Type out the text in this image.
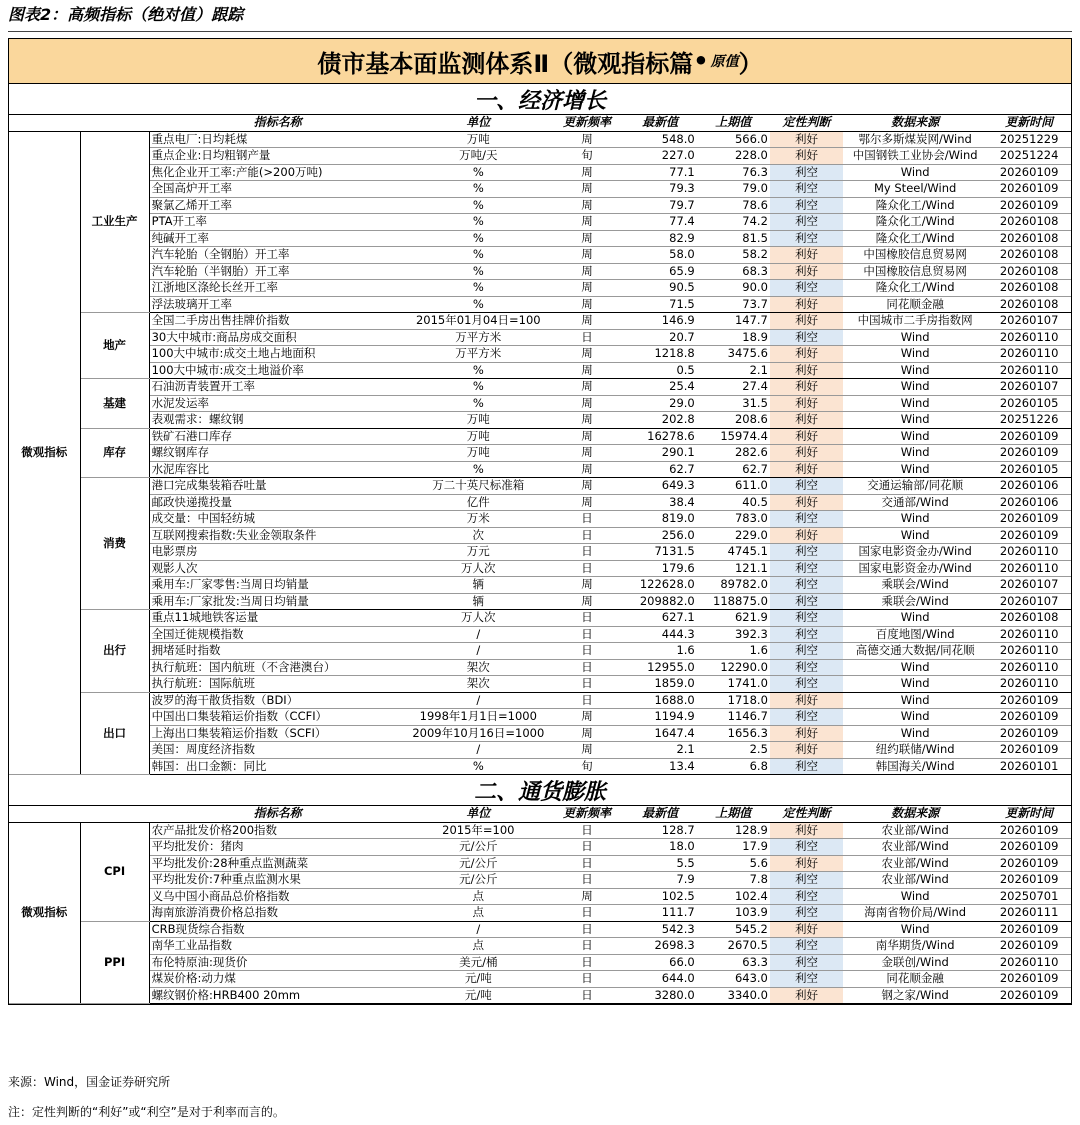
图表2：高频指标（绝对值）跟踪
债市基本面监测体系Ⅱ（微观指标篇 • 原值 ）
一、经济增长
		指标名称	单位	更新频率	最新值	上期值	定性判断	数据来源	更新时间
微观指标	工业生产	重点电厂:日均耗煤	万吨	周	548.0	566.0	利好	鄂尔多斯煤炭网/Wind	20251229
		重点企业:日均粗钢产量	万吨/天	旬	227.0	228.0	利好	中国钢铁工业协会/Wind	20251224
		焦化企业开工率:产能(>200万吨)	%	周	77.1	76.3	利空	Wind	20260109
		全国高炉开工率	%	周	79.3	79.0	利空	My Steel/Wind	20260109
		聚氯乙烯开工率	%	周	79.7	78.6	利空	隆众化工/Wind	20260109
		PTA开工率	%	周	77.4	74.2	利空	隆众化工/Wind	20260108
		纯碱开工率	%	周	82.9	81.5	利空	隆众化工/Wind	20260108
		汽车轮胎（全钢胎）开工率	%	周	58.0	58.2	利好	中国橡胶信息贸易网	20260108
		汽车轮胎（半钢胎）开工率	%	周	65.9	68.3	利好	中国橡胶信息贸易网	20260108
		江浙地区涤纶长丝开工率	%	周	90.5	90.0	利空	隆众化工/Wind	20260108
		浮法玻璃开工率	%	周	71.5	73.7	利好	同花顺金融	20260108
	地产	全国二手房出售挂牌价指数	2015年01月04日=100	周	146.9	147.7	利好	中国城市二手房指数网	20260107
		30大中城市:商品房成交面积	万平方米	日	20.7	18.9	利空	Wind	20260110
		100大中城市:成交土地占地面积	万平方米	周	1218.8	3475.6	利好	Wind	20260110
		100大中城市:成交土地溢价率	%	周	0.5	2.1	利好	Wind	20260110
	基建	石油沥青装置开工率	%	周	25.4	27.4	利好	Wind	20260107
		水泥发运率	%	周	29.0	31.5	利好	Wind	20260105
		表观需求：螺纹钢	万吨	周	202.8	208.6	利好	Wind	20251226
	库存	铁矿石港口库存	万吨	周	16278.6	15974.4	利好	Wind	20260109
		螺纹钢库存	万吨	周	290.1	282.6	利好	Wind	20260109
		水泥库容比	%	周	62.7	62.7	利好	Wind	20260105
	消费	港口完成集装箱吞吐量	万二十英尺标准箱	周	649.3	611.0	利空	交通运输部/同花顺	20260106
		邮政快递揽投量	亿件	周	38.4	40.5	利好	交通部/Wind	20260106
		成交量：中国轻纺城	万米	日	819.0	783.0	利空	Wind	20260109
		互联网搜索指数:失业金领取条件	次	日	256.0	229.0	利好	Wind	20260109
		电影票房	万元	日	7131.5	4745.1	利空	国家电影资金办/Wind	20260110
		观影人次	万人次	日	179.6	121.1	利空	国家电影资金办/Wind	20260110
		乘用车:厂家零售:当周日均销量	辆	周	122628.0	89782.0	利空	乘联会/Wind	20260107
		乘用车:厂家批发:当周日均销量	辆	周	209882.0	118875.0	利空	乘联会/Wind	20260107
	出行	重点11城地铁客运量	万人次	日	627.1	621.9	利空	Wind	20260108
		全国迁徙规模指数	/	日	444.3	392.3	利空	百度地图/Wind	20260110
		拥堵延时指数	/	日	1.6	1.6	利空	高德交通大数据/同花顺	20260110
		执行航班：国内航班（不含港澳台）	架次	日	12955.0	12290.0	利空	Wind	20260110
		执行航班：国际航班	架次	日	1859.0	1741.0	利空	Wind	20260110
	出口	波罗的海干散货指数（BDI）	/	日	1688.0	1718.0	利好	Wind	20260109
		中国出口集装箱运价指数（CCFI）	1998年1月1日=1000	周	1194.9	1146.7	利空	Wind	20260109
		上海出口集装箱运价指数（SCFI）	2009年10月16日=1000	周	1647.4	1656.3	利好	Wind	20260109
		美国：周度经济指数	/	周	2.1	2.5	利好	纽约联储/Wind	20260109
		韩国：出口金额：同比	%	旬	13.4	6.8	利空	韩国海关/Wind	20260101
二、通货膨胀
		指标名称	单位	更新频率	最新值	上期值	定性判断	数据来源	更新时间
微观指标	CPI	农产品批发价格200指数	2015年=100	日	128.7	128.9	利好	农业部/Wind	20260109
		平均批发价：猪肉	元/公斤	日	18.0	17.9	利空	农业部/Wind	20260109
		平均批发价:28种重点监测蔬菜	元/公斤	日	5.5	5.6	利好	农业部/Wind	20260109
		平均批发价:7种重点监测水果	元/公斤	日	7.9	7.8	利空	农业部/Wind	20260109
		义乌中国小商品总价格指数	点	周	102.5	102.4	利空	Wind	20250701
		海南旅游消费价格总指数	点	日	111.7	103.9	利空	海南省物价局/Wind	20260111
	PPI	CRB现货综合指数	/	日	542.3	545.2	利好	Wind	20260109
		南华工业品指数	点	日	2698.3	2670.5	利空	南华期货/Wind	20260109
		布伦特原油:现货价	美元/桶	日	66.0	63.3	利空	金联创/Wind	20260110
		煤炭价格:动力煤	元/吨	日	644.0	643.0	利空	同花顺金融	20260109
		螺纹钢价格:HRB400 20mm	元/吨	日	3280.0	3340.0	利好	钢之家/Wind	20260109
来源：Wind，国金证券研究所
注：定性判断的“利好”或“利空”是对于利率而言的。
